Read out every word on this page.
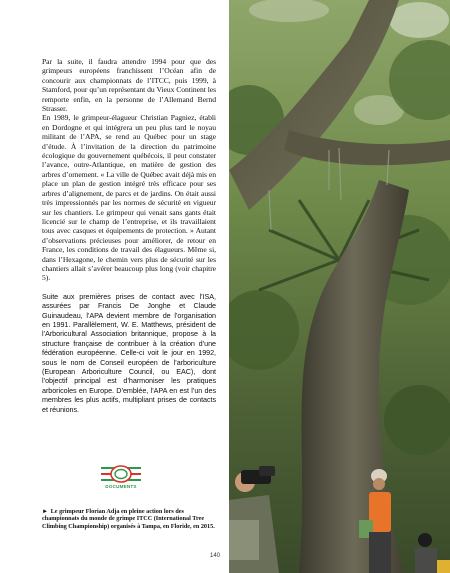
Par la suite, il faudra attendre 1994 pour que des grimpeurs européens franchissent l’Océan afin de concourir aux championnats de l’ITCC, puis 1999, à Stamford, pour qu’un représentant du Vieux Continent les remporte enfin, en la personne de l’Allemand Bernd Strasser.

En 1989, le grimpeur-élagueur Christian Pagniez, établi en Dordogne et qui intégrera un peu plus tard le noyau militant de l’APA, se rend au Québec pour un stage d’étude. À l’invitation de la direction du patrimoine écologique du gouvernement québécois, il peut constater l’avance, outre-Atlantique, en matière de gestion des arbres d’ornement. « La ville de Québec avait déjà mis en place un plan de gestion intégré très efficace pour ses arbres d’alignement, de parcs et de jardins. On était aussi très impressionnés par les normes de sécurité en vigueur sur les chantiers. Le grimpeur qui venait sans gants était licencié sur le champ de l’entreprise, et ils travaillaient tous avec casques et équipements de protection. » Autant d’observations précieuses pour améliorer, de retour en France, les conditions de travail des élagueurs. Même si, dans l’Hexagone, le chemin vers plus de sécurité sur les chantiers allait s’avérer beaucoup plus long (voir chapitre 5).

Suite aux premières prises de contact avec l’ISA, assurées par Francis De Jonghe et Claude Guinaudeau, l’APA devient membre de l’organisation en 1991. Parallèlement, W. E. Matthews, président de l’Arboricultural Association britannique, propose à la structure française de contribuer à la création d’une fédération européenne. Celle-ci voit le jour en 1992, sous le nom de Conseil européen de l’arboriculture (European Arboriculture Council, ou EAC), dont l’objectif principal est d’harmoniser les pratiques arboricoles en Europe. D’emblée, l’APA en est l’un des membres les plus actifs, multipliant prises de contacts et réunions.

DOCUMENTS
► Le grimpeur Florian Adja en pleine action lors des championnats du monde de grimpe ITCC (International Tree Climbing Championship) organisés à Tampa, en Floride, en 2015.
140
